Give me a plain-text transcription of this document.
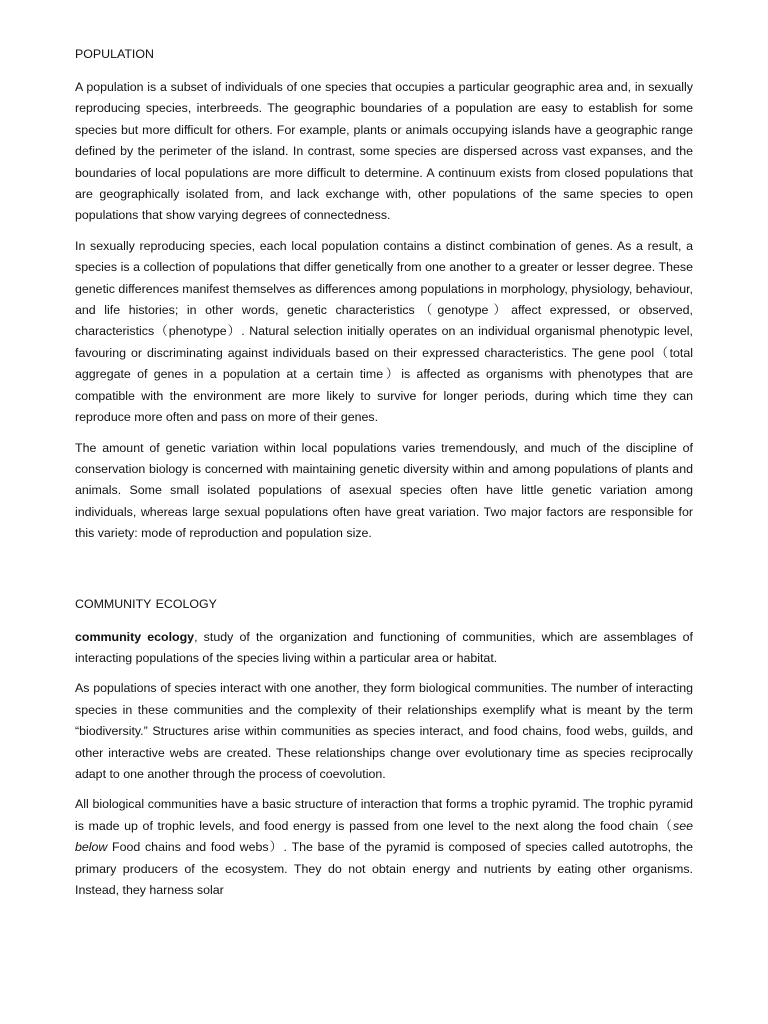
POPULATION

A population is a subset of individuals of one species that occupies a particular geographic area and, in sexually reproducing species, interbreeds. The geographic boundaries of a population are easy to establish for some species but more difficult for others. For example, plants or animals occupying islands have a geographic range defined by the perimeter of the island. In contrast, some species are dispersed across vast expanses, and the boundaries of local populations are more difficult to determine. A continuum exists from closed populations that are geographically isolated from, and lack exchange with, other populations of the same species to open populations that show varying degrees of connectedness.

In sexually reproducing species, each local population contains a distinct combination of genes. As a result, a species is a collection of populations that differ genetically from one another to a greater or lesser degree. These genetic differences manifest themselves as differences among populations in morphology, physiology, behaviour, and life histories; in other words, genetic characteristics（genotype）affect expressed, or observed, characteristics（phenotype）. Natural selection initially operates on an individual organismal phenotypic level, favouring or discriminating against individuals based on their expressed characteristics. The gene pool（total aggregate of genes in a population at a certain time）is affected as organisms with phenotypes that are compatible with the environment are more likely to survive for longer periods, during which time they can reproduce more often and pass on more of their genes.

The amount of genetic variation within local populations varies tremendously, and much of the discipline of conservation biology is concerned with maintaining genetic diversity within and among populations of plants and animals. Some small isolated populations of asexual species often have little genetic variation among individuals, whereas large sexual populations often have great variation. Two major factors are responsible for this variety: mode of reproduction and population size.

COMMUNITY ECOLOGY

community ecology, study of the organization and functioning of communities, which are assemblages of interacting populations of the species living within a particular area or habitat.

As populations of species interact with one another, they form biological communities. The number of interacting species in these communities and the complexity of their relationships exemplify what is meant by the term “biodiversity.” Structures arise within communities as species interact, and food chains, food webs, guilds, and other interactive webs are created. These relationships change over evolutionary time as species reciprocally adapt to one another through the process of coevolution.

All biological communities have a basic structure of interaction that forms a trophic pyramid. The trophic pyramid is made up of trophic levels, and food energy is passed from one level to the next along the food chain（see below Food chains and food webs）. The base of the pyramid is composed of species called autotrophs, the primary producers of the ecosystem. They do not obtain energy and nutrients by eating other organisms. Instead, they harness solar
